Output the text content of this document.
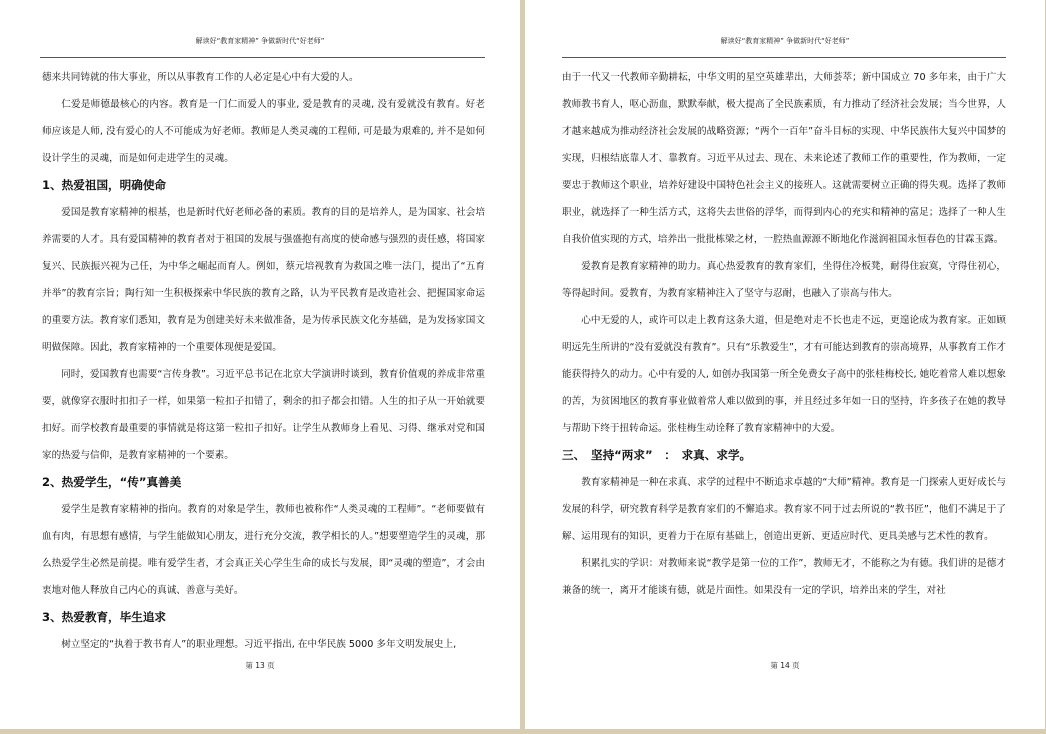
解读好“教育家精神” 争做新时代“好老师”

德来共同铸就的伟大事业，所以从事教育工作的人必定是心中有大爱的人。

仁爱是师德最核心的内容。教育是一门仁而爱人的事业, 爱是教育的灵魂, 没有爱就没有教育。好老师应该是人师, 没有爱心的人不可能成为好老师。教师是人类灵魂的工程师, 可是最为艰难的, 并不是如何设计学生的灵魂，而是如何走进学生的灵魂。

1、热爱祖国，明确使命

爱国是教育家精神的根基，也是新时代好老师必备的素质。教育的目的是培养人，是为国家、社会培养需要的人才。具有爱国精神的教育者对于祖国的发展与强盛抱有高度的使命感与强烈的责任感，将国家复兴、民族振兴视为己任，为中华之崛起而育人。例如，蔡元培视教育为救国之唯一法门，提出了“五育并举”的教育宗旨；陶行知一生积极探索中华民族的教育之路，认为平民教育是改造社会、把握国家命运的重要方法。教育家们悉知，教育是为创建美好未来做准备，是为传承民族文化夯基础，是为发扬家国文明做保障。因此，教育家精神的一个重要体现便是爱国。

同时，爱国教育也需要“言传身教”。习近平总书记在北京大学演讲时谈到，教育价值观的养成非常重要，就像穿衣服时扣扣子一样，如果第一粒扣子扣错了，剩余的扣子都会扣错。人生的扣子从一开始就要扣好。而学校教育最重要的事情就是将这第一粒扣子扣好。让学生从教师身上看见、习得、继承对党和国家的热爱与信仰，是教育家精神的一个要素。

2、热爱学生，“传”真善美

爱学生是教育家精神的指向。教育的对象是学生，教师也被称作“人类灵魂的工程师”。“老师要做有血有肉，有思想有感情，与学生能做知心朋友，进行充分交流，教学相长的人。”想要塑造学生的灵魂，那么热爱学生必然是前提。唯有爱学生者，才会真正关心学生生命的成长与发展，即“灵魂的塑造”，才会由衷地对他人释放自己内心的真诚、善意与美好。

3、热爱教育，毕生追求

树立坚定的“执着于教书育人”的职业理想。习近平指出, 在中华民族 5000 多年文明发展史上,

第 13 页
解读好“教育家精神” 争做新时代“好老师”

由于一代又一代教师辛勤耕耘，中华文明的星空英雄辈出，大师荟萃；新中国成立 70 多年来，由于广大教师教书育人，呕心沥血，默默奉献，极大提高了全民族素质，有力推动了经济社会发展；当今世界，人才越来越成为推动经济社会发展的战略资源；“两个一百年”奋斗目标的实现、中华民族伟大复兴中国梦的实现，归根结底靠人才、靠教育。习近平从过去、现在、未来论述了教师工作的重要性，作为教师，一定要忠于教师这个职业，培养好建设中国特色社会主义的接班人。这就需要树立正确的得失观。选择了教师职业，就选择了一种生活方式，这将失去世俗的浮华，而得到内心的充实和精神的富足；选择了一种人生自我价值实现的方式，培养出一批批栋梁之材，一腔热血源源不断地化作滋润祖国永恒春色的甘霖玉露。

爱教育是教育家精神的助力。真心热爱教育的教育家们，坐得住冷板凳，耐得住寂寞，守得住初心，等得起时间。爱教育，为教育家精神注入了坚守与忍耐，也融入了崇高与伟大。

心中无爱的人，或许可以走上教育这条大道，但是绝对走不长也走不远，更遑论成为教育家。正如顾明远先生所讲的“没有爱就没有教育”。只有“乐教爱生”，才有可能达到教育的崇高境界，从事教育工作才能获得持久的动力。心中有爱的人, 如创办我国第一所全免费女子高中的张桂梅校长, 她吃着常人难以想象的苦，为贫困地区的教育事业做着常人难以做到的事，并且经过多年如一日的坚持，许多孩子在她的教导与帮助下终于扭转命运。张桂梅生动诠释了教育家精神中的大爱。

三、　坚持“两求”　：　求真、求学。

教育家精神是一种在求真、求学的过程中不断追求卓越的“大师”精神。教育是一门探索人更好成长与发展的科学，研究教育科学是教育家们的不懈追求。教育家不同于过去所说的“教书匠”，他们不满足于了解、运用现有的知识，更着力于在原有基础上，创造出更新、更适应时代、更具美感与艺术性的教育。

积累扎实的学识：对教师来说“教学是第一位的工作”，教师无才，不能称之为有德。我们讲的是德才兼备的统一，离开才能谈有德，就是片面性。如果没有一定的学识，培养出来的学生，对社

第 14 页
